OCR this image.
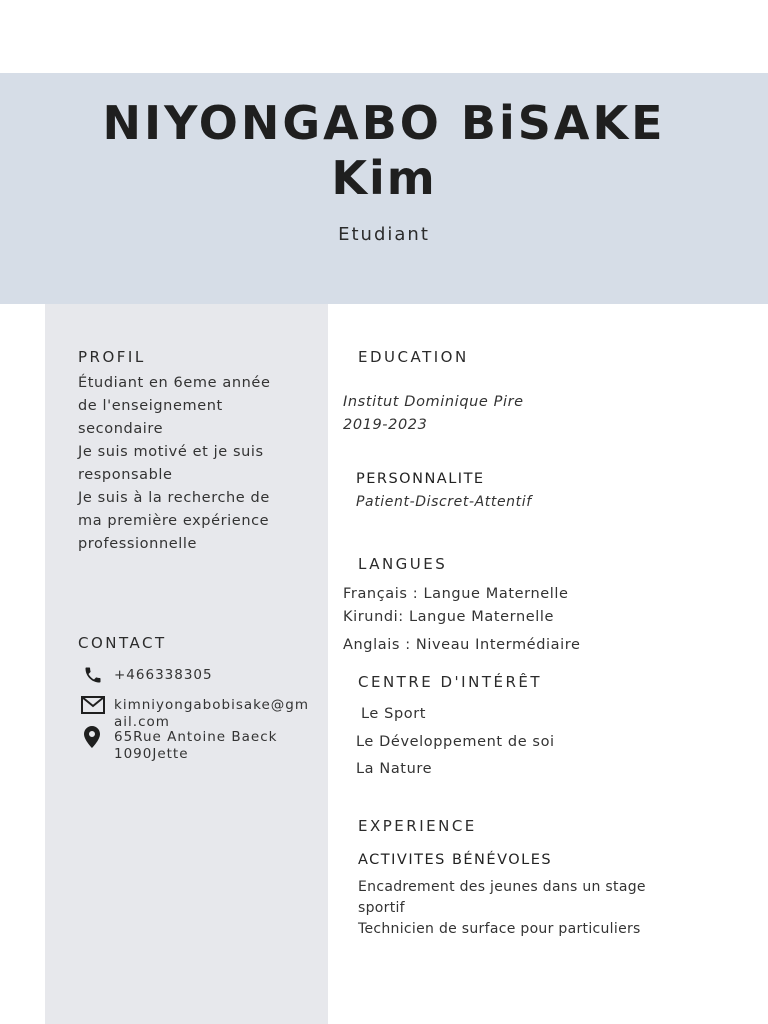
NIYONGABO BiSAKE
Kim
Etudiant
PROFIL
Étudiant en 6eme année
de l'enseignement
secondaire
Je suis motivé et je suis
responsable
Je suis à la recherche de
ma première expérience
professionnelle
CONTACT
+466338305
kimniyongabobisake@gm
ail.com
65Rue Antoine Baeck
1090Jette
EDUCATION
Institut Dominique Pire
2019-2023
PERSONNALITE
Patient-Discret-Attentif
LANGUES
Français : Langue Maternelle
Kirundi: Langue Maternelle
Anglais : Niveau Intermédiaire
CENTRE D'INTÉRÊT
Le Sport
Le Développement de soi
La Nature
EXPERIENCE
ACTIVITES BÉNÉVOLES
Encadrement des jeunes dans un stage
sportif
Technicien de surface pour particuliers
